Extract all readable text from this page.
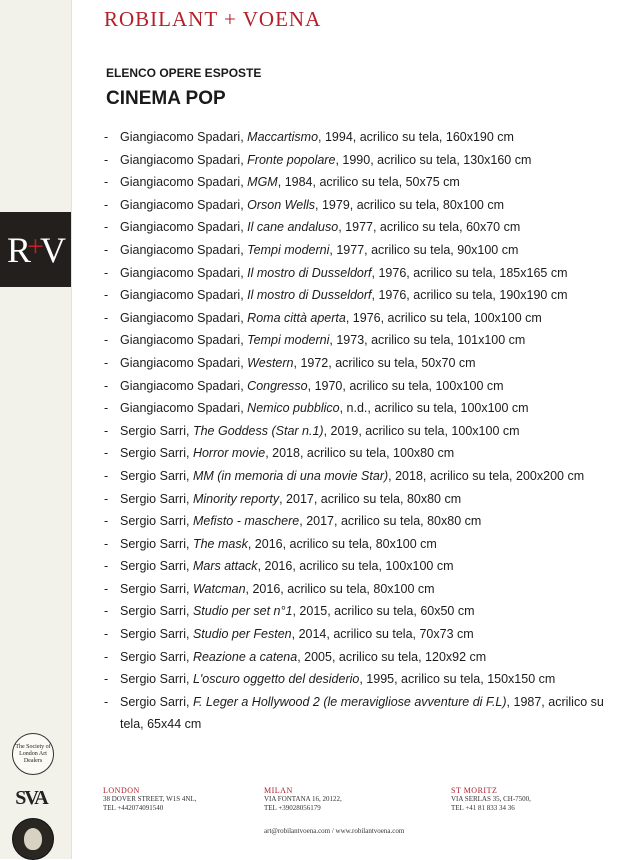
R
+
V
The Society of London Art Dealers
SVA
ROBILANT + VOENA
ELENCO OPERE ESPOSTE
CINEMA POP
- Giangiacomo Spadari, Maccartismo, 1994, acrilico su tela, 160x190 cm
- Giangiacomo Spadari, Fronte popolare, 1990, acrilico su tela, 130x160 cm
- Giangiacomo Spadari, MGM, 1984, acrilico su tela, 50x75 cm
- Giangiacomo Spadari, Orson Wells, 1979, acrilico su tela, 80x100 cm
- Giangiacomo Spadari, Il cane andaluso, 1977, acrilico su tela, 60x70 cm
- Giangiacomo Spadari, Tempi moderni, 1977, acrilico su tela, 90x100 cm
- Giangiacomo Spadari, Il mostro di Dusseldorf, 1976, acrilico su tela, 185x165 cm
- Giangiacomo Spadari, Il mostro di Dusseldorf, 1976, acrilico su tela, 190x190 cm
- Giangiacomo Spadari, Roma città aperta, 1976, acrilico su tela, 100x100 cm
- Giangiacomo Spadari, Tempi moderni, 1973, acrilico su tela, 101x100 cm
- Giangiacomo Spadari, Western, 1972, acrilico su tela, 50x70 cm
- Giangiacomo Spadari, Congresso, 1970, acrilico su tela, 100x100 cm
- Giangiacomo Spadari, Nemico pubblico, n.d., acrilico su tela, 100x100 cm
- Sergio Sarri, The Goddess (Star n.1), 2019, acrilico su tela, 100x100 cm
- Sergio Sarri, Horror movie, 2018, acrilico su tela, 100x80 cm
- Sergio Sarri, MM (in memoria di una movie Star), 2018, acrilico su tela, 200x200 cm
- Sergio Sarri, Minority reporty, 2017, acrilico su tela, 80x80 cm
- Sergio Sarri, Mefisto - maschere, 2017, acrilico su tela, 80x80 cm
- Sergio Sarri, The mask, 2016, acrilico su tela, 80x100 cm
- Sergio Sarri, Mars attack, 2016, acrilico su tela, 100x100 cm
- Sergio Sarri, Watcman, 2016, acrilico su tela, 80x100 cm
- Sergio Sarri, Studio per set n°1, 2015, acrilico su tela, 60x50 cm
- Sergio Sarri, Studio per Festen, 2014, acrilico su tela, 70x73 cm
- Sergio Sarri, Reazione a catena, 2005, acrilico su tela, 120x92 cm
- Sergio Sarri, L'oscuro oggetto del desiderio, 1995, acrilico su tela, 150x150 cm
- Sergio Sarri, F. Leger a Hollywood 2 (le meravigliose avventure di F.L), 1987, acrilico su tela, 65x44 cm
LONDON
38 DOVER STREET, W1S 4NL,
TEL +442074091540
MILAN
VIA FONTANA 16, 20122,
TEL +39028056179
ST MORITZ
VIA SERLAS 35, CH-7500,
TEL +41 81 833 34 36
art@robilantvoena.com / www.robilantvoena.com
